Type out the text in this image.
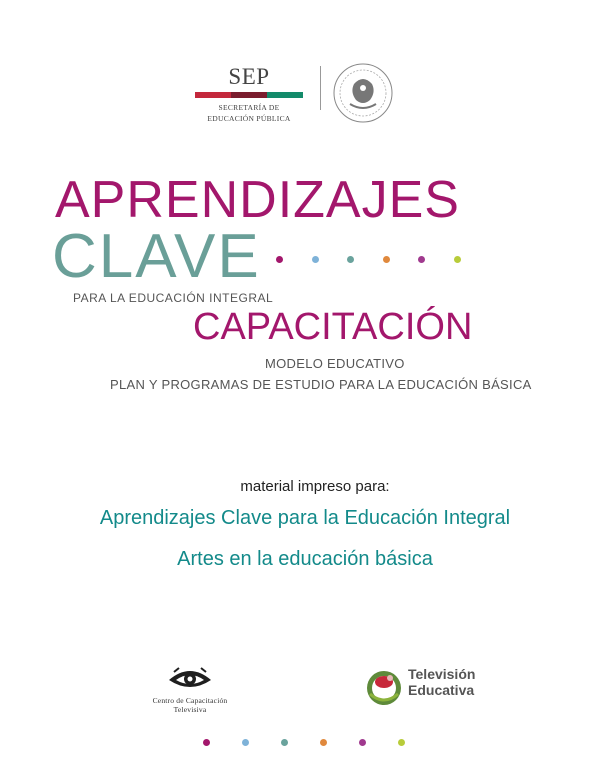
SEP
SECRETARÍA DE
EDUCACIÓN PÚBLICA
APRENDIZAJES
CLAVE
PARA LA EDUCACIÓN INTEGRAL
CAPACITACIÓN
MODELO EDUCATIVO
PLAN Y PROGRAMAS DE ESTUDIO PARA LA EDUCACIÓN BÁSICA
material impreso para:
Aprendizajes Clave para la Educación Integral
Artes en la educación básica
Centro de Capacitación
Televisiva
Televisión
Educativa
